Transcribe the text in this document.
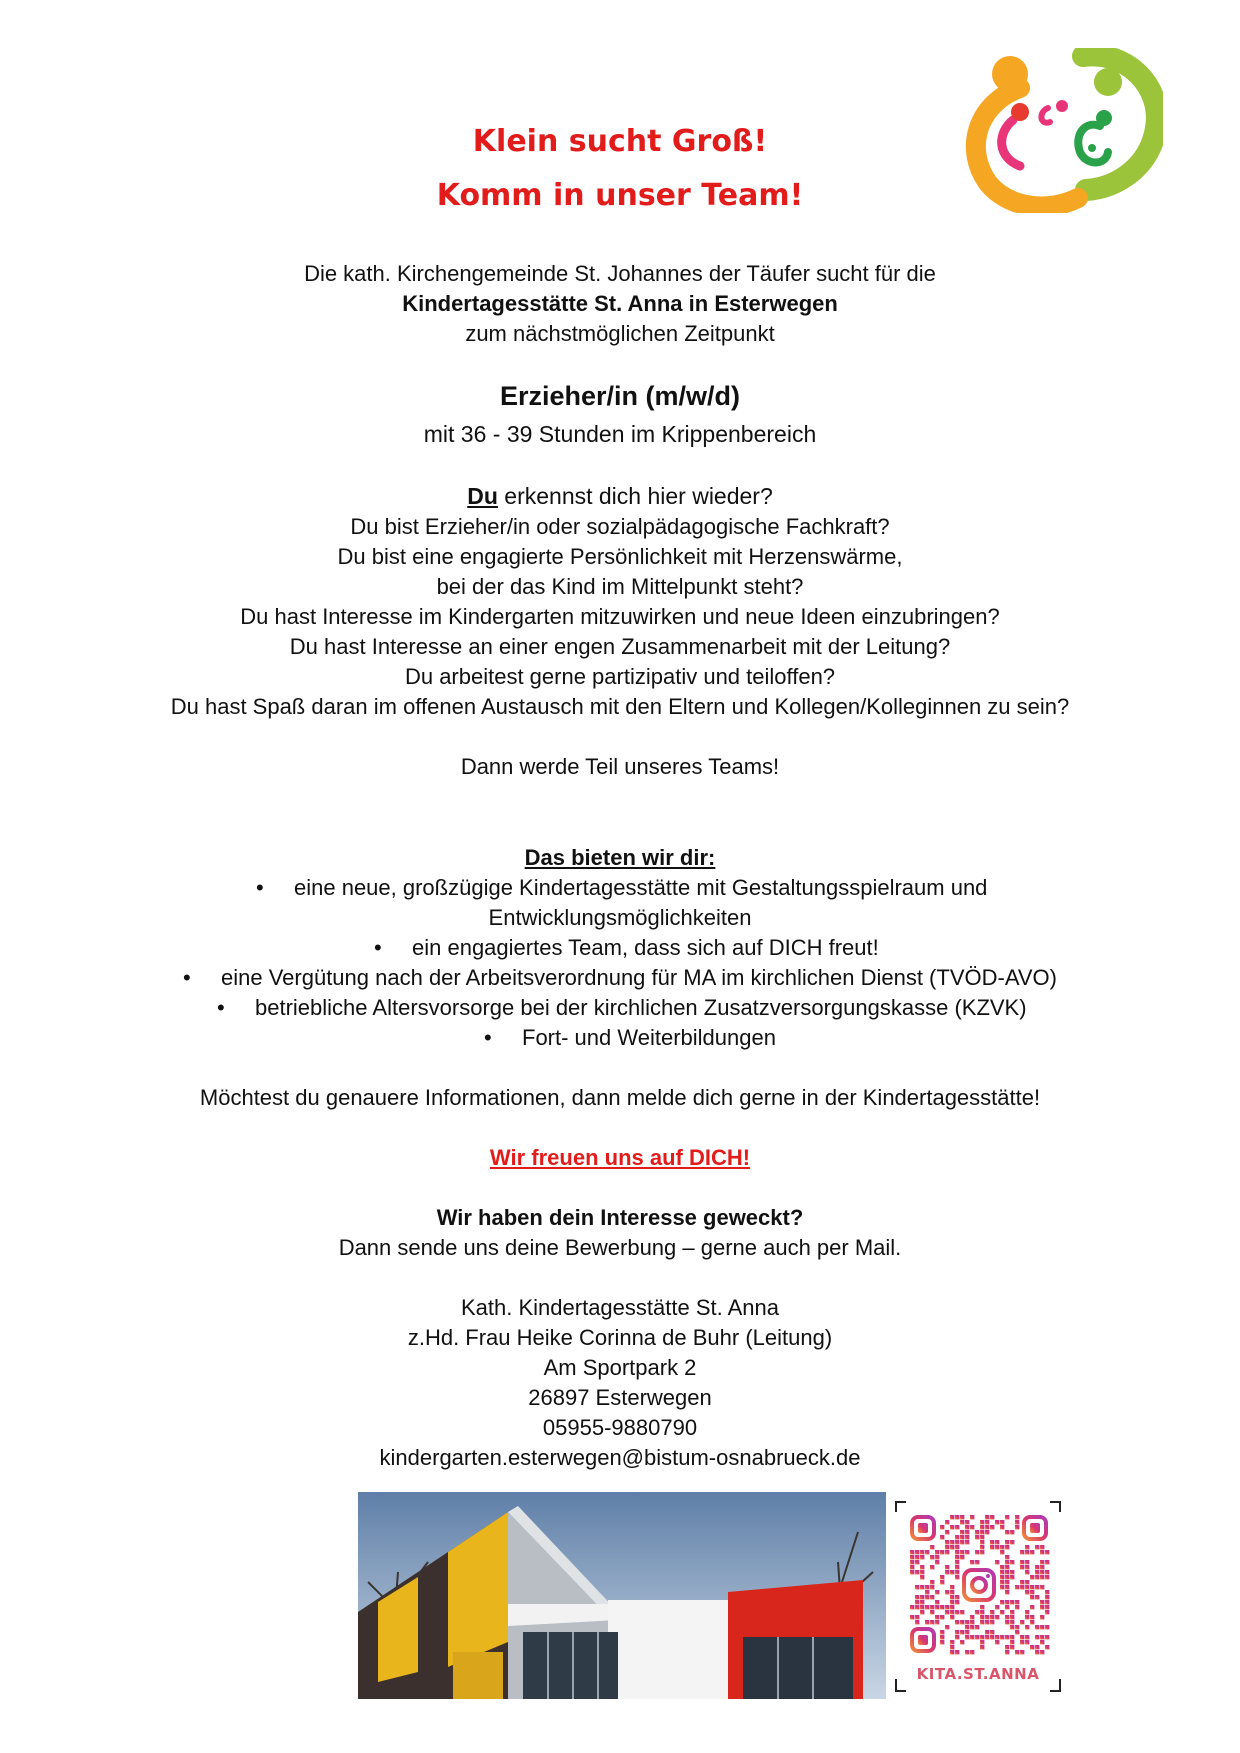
Klein sucht Groß!
Komm in unser Team!
Die kath. Kirchengemeinde St. Johannes der Täufer sucht für die
Kindertagesstätte St. Anna in Esterwegen
zum nächstmöglichen Zeitpunkt
Erzieher/in (m/w/d)
mit 36 - 39 Stunden im Krippenbereich
Du erkennst dich hier wieder?
Du bist Erzieher/in oder sozialpädagogische Fachkraft?
Du bist eine engagierte Persönlichkeit mit Herzenswärme,
bei der das Kind im Mittelpunkt steht?
Du hast Interesse im Kindergarten mitzuwirken und neue Ideen einzubringen?
Du hast Interesse an einer engen Zusammenarbeit mit der Leitung?
Du arbeitest gerne partizipativ und teiloffen?
Du hast Spaß daran im offenen Austausch mit den Eltern und Kollegen/Kolleginnen zu sein?
Dann werde Teil unseres Teams!
Das bieten wir dir:
• eine neue, großzügige Kindertagesstätte mit Gestaltungsspielraum und
Entwicklungsmöglichkeiten
• ein engagiertes Team, dass sich auf DICH freut!
• eine Vergütung nach der Arbeitsverordnung für MA im kirchlichen Dienst (TVÖD-AVO)
• betriebliche Altersvorsorge bei der kirchlichen Zusatzversorgungskasse (KZVK)
• Fort- und Weiterbildungen
Möchtest du genauere Informationen, dann melde dich gerne in der Kindertagesstätte!
Wir freuen uns auf DICH!
Wir haben dein Interesse geweckt?
Dann sende uns deine Bewerbung – gerne auch per Mail.
Kath. Kindertagesstätte St. Anna
z.Hd. Frau Heike Corinna de Buhr (Leitung)
Am Sportpark 2
26897 Esterwegen
05955-9880790
kindergarten.esterwegen@bistum-osnabrueck.de
KITA.ST.ANNA
